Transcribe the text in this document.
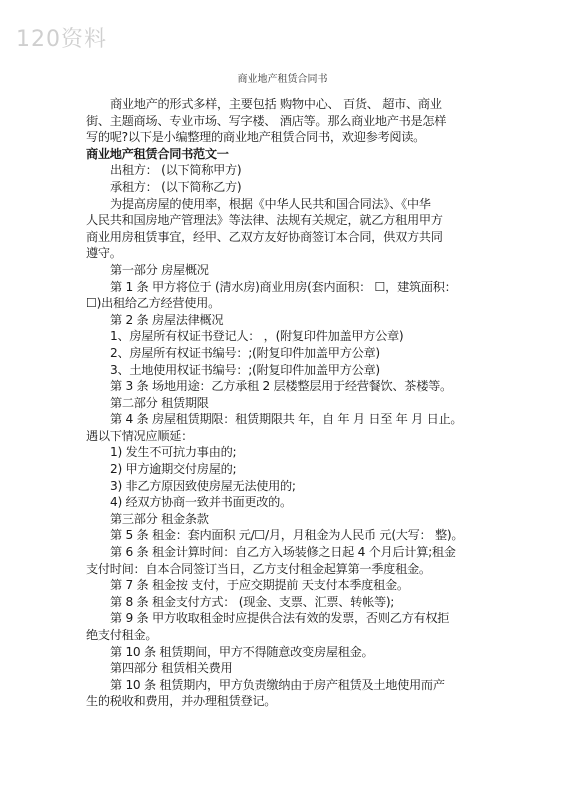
120资料
商业地产租赁合同书

商业地产的形式多样，主要包括 购物中心、 百货、 超市、商业

街、主题商场、专业市场、写字楼、 酒店等。那么商业地产书是怎样

写的呢?以下是小编整理的商业地产租赁合同书，欢迎参考阅读。

商业地产租赁合同书范文一

出租方： (以下简称甲方)

承租方： (以下简称乙方)

为提高房屋的使用率，根据《中华人民共和国合同法》、《中华

人民共和国房地产管理法》等法律、法规有关规定，就乙方租用甲方

商业用房租赁事宜，经甲、乙双方友好协商签订本合同，供双方共同

遵守。

第一部分 房屋概况

第 1 条 甲方将位于 (清水房)商业用房(套内面积： ☐，建筑面积：

☐)出租给乙方经营使用。

第 2 条 房屋法律概况

1、房屋所有权证书登记人： ，(附复印件加盖甲方公章)

2、房屋所有权证书编号：;(附复印件加盖甲方公章)

3、土地使用权证书编号：;(附复印件加盖甲方公章)

第 3 条 场地用途：乙方承租 2 层楼整层用于经营餐饮、茶楼等。

第二部分 租赁期限

第 4 条 房屋租赁期限：租赁期限共 年，自 年 月 日至 年 月 日止。

遇以下情况应顺延：

1) 发生不可抗力事由的;

2) 甲方逾期交付房屋的;

3) 非乙方原因致使房屋无法使用的;

4) 经双方协商一致并书面更改的。

第三部分 租金条款

第 5 条 租金：套内面积 元/☐/月，月租金为人民币 元(大写： 整)。

第 6 条 租金计算时间：自乙方入场装修之日起 4 个月后计算;租金

支付时间：自本合同签订当日，乙方支付租金起算第一季度租金。

第 7 条 租金按 支付，于应交期提前 天支付本季度租金。

第 8 条 租金支付方式： (现金、支票、汇票、转帐等);

第 9 条 甲方收取租金时应提供合法有效的发票，否则乙方有权拒

绝支付租金。

第 10 条 租赁期间，甲方不得随意改变房屋租金。

第四部分 租赁相关费用

第 10 条 租赁期内，甲方负责缴纳由于房产租赁及土地使用而产

生的税收和费用，并办理租赁登记。
